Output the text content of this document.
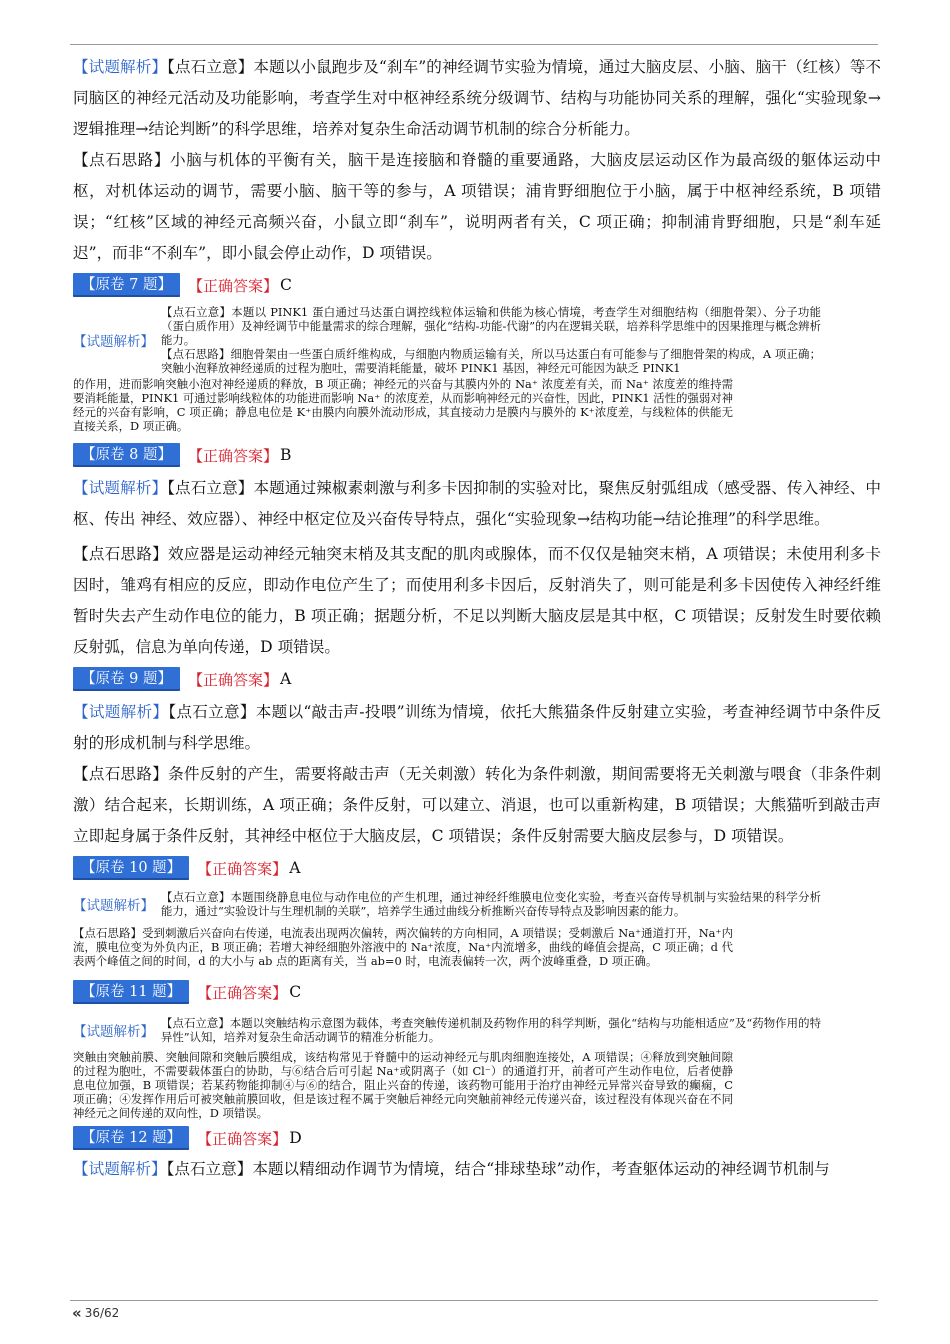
【试题解析】【点石立意】本题以小鼠跑步及“刹车”的神经调节实验为情境，通过大脑皮层、小脑、脑干（红核）等不同脑区的神经元活动及功能影响，考查学生对中枢神经系统分级调节、结构与功能协同关系的理解，强化“实验现象→逻辑推理→结论判断”的科学思维，培养对复杂生命活动调节机制的综合分析能力。

【点石思路】小脑与机体的平衡有关，脑干是连接脑和脊髓的重要通路，大脑皮层运动区作为最高级的躯体运动中枢，对机体运动的调节，需要小脑、脑干等的参与，A 项错误；浦肯野细胞位于小脑，属于中枢神经系统，B 项错误；“红核”区域的神经元高频兴奋，小鼠立即“刹车”，说明两者有关，C 项正确；抑制浦肯野细胞，只是“刹车延迟”，而非“不刹车”，即小鼠会停止动作，D 项错误。

【原卷 7 题】	【正确答案】 C
【试题解析】

【点石立意】本题以 PINK1 蛋白通过马达蛋白调控线粒体运输和供能为核心情境，考查学生对细胞结构（细胞骨架）、分子功能（蛋白质作用）及神经调节中能量需求的综合理解，强化“结构-功能-代谢”的内在逻辑关联，培养科学思维中的因果推理与概念辨析能力。

【点石思路】细胞骨架由一些蛋白质纤维构成，与细胞内物质运输有关，所以马达蛋白有可能参与了细胞骨架的构成，A 项正确；突触小泡释放神经递质的过程为胞吐，需要消耗能量，破坏 PINK1 基因，神经元可能因为缺乏 PINK1

的作用，进而影响突触小泡对神经递质的释放，B 项正确；神经元的兴奋与其膜内外的 Na⁺ 浓度差有关，而 Na⁺ 浓度差的维持需要消耗能量，PINK1 可通过影响线粒体的功能进而影响 Na⁺ 的浓度差，从而影响神经元的兴奋性，因此，PINK1 活性的强弱对神经元的兴奋有影响，C 项正确；静息电位是 K⁺由膜内向膜外流动形成，其直接动力是膜内与膜外的 K⁺浓度差，与线粒体的供能无直接关系，D 项正确。

【原卷 8 题】	【正确答案】 B

【试题解析】【点石立意】本题通过辣椒素刺激与利多卡因抑制的实验对比，聚焦反射弧组成（感受器、传入神经、中枢、传出 神经、效应器）、神经中枢定位及兴奋传导特点，强化“实验现象→结构功能→结论推理”的科学思维。

【点石思路】效应器是运动神经元轴突末梢及其支配的肌肉或腺体，而不仅仅是轴突末梢，A 项错误；未使用利多卡因时，雏鸡有相应的反应，即动作电位产生了；而使用利多卡因后，反射消失了，则可能是利多卡因使传入神经纤维暂时失去产生动作电位的能力，B 项正确；据题分析，不足以判断大脑皮层是其中枢，C 项错误；反射发生时要依赖反射弧，信息为单向传递，D 项错误。

【原卷 9 题】	【正确答案】 A

【试题解析】【点石立意】本题以“敲击声-投喂”训练为情境，依托大熊猫条件反射建立实验，考查神经调节中条件反射的形成机制与科学思维。

【点石思路】条件反射的产生，需要将敲击声（无关刺激）转化为条件刺激，期间需要将无关刺激与喂食（非条件刺激）结合起来，长期训练，A 项正确；条件反射，可以建立、消退，也可以重新构建，B 项错误；大熊猫听到敲击声立即起身属于条件反射，其神经中枢位于大脑皮层，C 项错误；条件反射需要大脑皮层参与，D 项错误。

【原卷 10 题】	【正确答案】 A
【试题解析】

【点石立意】本题围绕静息电位与动作电位的产生机理，通过神经纤维膜电位变化实验，考查兴奋传导机制与实验结果的科学分析能力，通过“实验设计与生理机制的关联”，培养学生通过曲线分析推断兴奋传导特点及影响因素的能力。

【点石思路】受到刺激后兴奋向右传递，电流表出现两次偏转，两次偏转的方向相同，A 项错误；受刺激后 Na⁺通道打开，Na⁺内流，膜电位变为外负内正，B 项正确；若增大神经细胞外溶液中的 Na⁺浓度，Na⁺内流增多，曲线的峰值会提高，C 项正确；d 代表两个峰值之间的时间，d 的大小与 ab 点的距离有关，当 ab=0 时，电流表偏转一次，两个波峰重叠，D 项正确。

【原卷 11 题】	【正确答案】 C
【试题解析】

【点石立意】本题以突触结构示意图为载体，考查突触传递机制及药物作用的科学判断，强化“结构与功能相适应”及“药物作用的特异性”认知，培养对复杂生命活动调节的精准分析能力。

突触由突触前膜、突触间隙和突触后膜组成，该结构常见于脊髓中的运动神经元与肌肉细胞连接处，A 项错误；④释放到突触间隙的过程为胞吐，不需要载体蛋白的协助，与⑥结合后可引起 Na⁺或阴离子（如 Cl⁻）的通道打开，前者可产生动作电位，后者使静息电位加强，B 项错误；若某药物能抑制④与⑥的结合，阻止兴奋的传递，该药物可能用于治疗由神经元异常兴奋导致的癫痫，C 项正确；④发挥作用后可被突触前膜回收，但是该过程不属于突触后神经元向突触前神经元传递兴奋，该过程没有体现兴奋在不同神经元之间传递的双向性，D 项错误。

【原卷 12 题】	【正确答案】 D

【试题解析】【点石立意】本题以精细动作调节为情境，结合“排球垫球”动作，考查躯体运动的神经调节机制与

« 36/62
